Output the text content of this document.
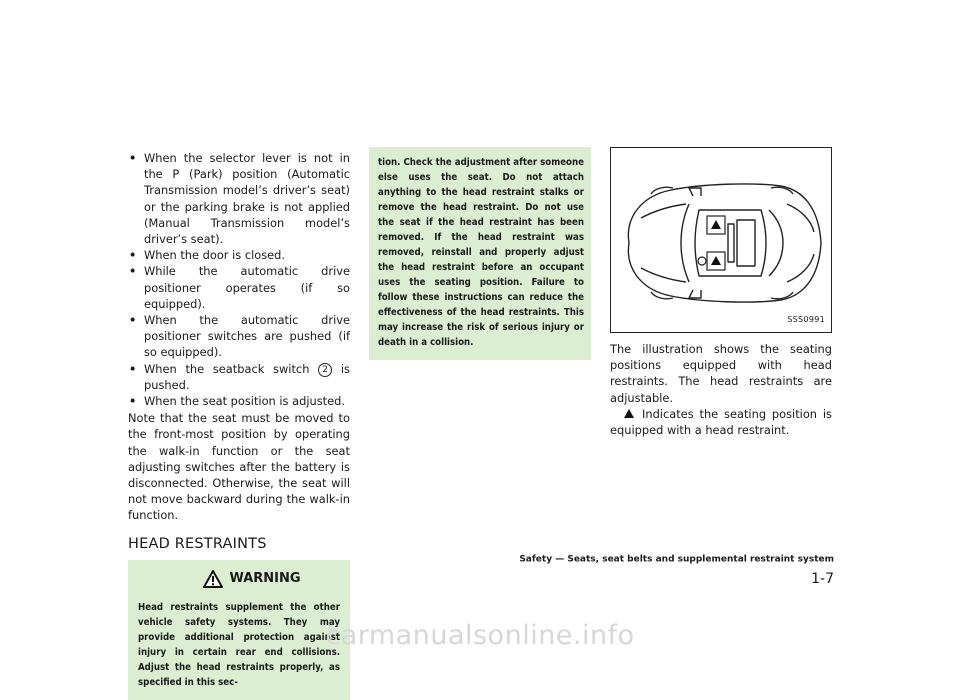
• When the selector lever is not in the P (Park) position (Automatic Transmission model’s driver’s seat) or the parking brake is not applied (Manual Transmission model’s driver’s seat).
• When the door is closed.
• While the automatic drive positioner operates (if so equipped).
• When the automatic drive positioner switches are pushed (if so equipped).
• When the seatback switch 2 is pushed.
• When the seat position is adjusted.

Note that the seat must be moved to the front-most position by operating the walk-in function or the seat adjusting switches after the battery is disconnected. Otherwise, the seat will not move backward during the walk-in function.

HEAD RESTRAINTS
WARNING

Head restraints supplement the other vehicle safety systems. They may provide additional protection against injury in certain rear end collisions. Adjust the head restraints properly, as specified in this sec-

tion. Check the adjustment after someone else uses the seat. Do not attach anything to the head restraint stalks or remove the head restraint. Do not use the seat if the head restraint has been removed. If the head restraint was removed, reinstall and properly adjust the head restraint before an occupant uses the seating position. Failure to follow these instructions can reduce the effectiveness of the head restraints. This may increase the risk of serious injury or death in a collision.

SSS0991

The illustration shows the seating positions equipped with head restraints. The head restraints are adjustable.
Indicates the seating position is equipped with a head restraint.

Safety — Seats, seat belts and supplemental restraint system 1-7
carmanualsonline.info
